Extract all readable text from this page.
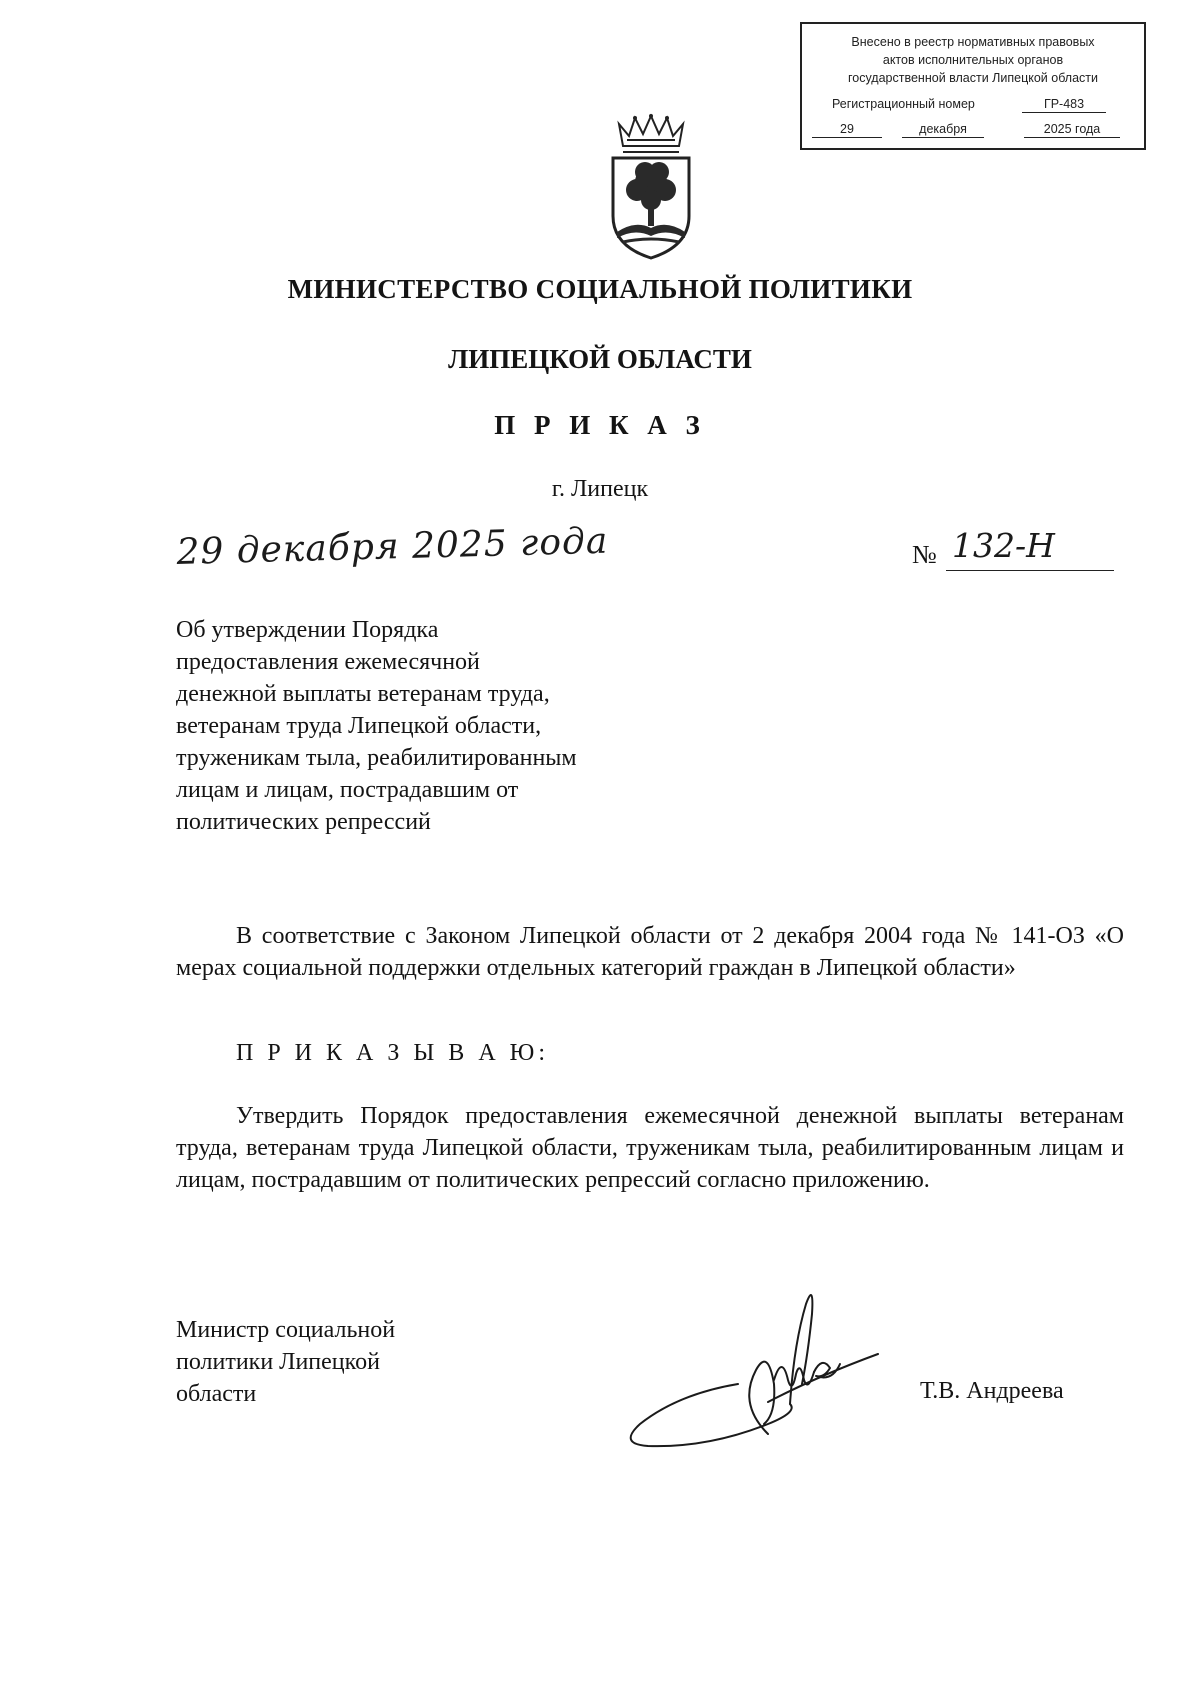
Внесено в реестр нормативных правовых
актов исполнительных органов
государственной власти Липецкой области
Регистрационный номер	ГР-483
29	декабря	2025 года
МИНИСТЕРСТВО СОЦИАЛЬНОЙ ПОЛИТИКИ
ЛИПЕЦКОЙ ОБЛАСТИ
П Р И К А З
г. Липецк
29 декабря 2025 года	№ 132-Н
Об утверждении Порядка
предоставления ежемесячной
денежной выплаты ветеранам труда,
ветеранам труда Липецкой области,
труженикам тыла, реабилитированным
лицам и лицам, пострадавшим от
политических репрессий
В соответствие с Законом Липецкой области от 2 декабря 2004 года № 141-ОЗ «О мерах социальной поддержки отдельных категорий граждан в Липецкой области»
П Р И К А З Ы В А Ю:
Утвердить Порядок предоставления ежемесячной денежной выплаты ветеранам труда, ветеранам труда Липецкой области, труженикам тыла, реабилитированным лицам и лицам, пострадавшим от политических репрессий согласно приложению.
Министр социальной
политики Липецкой
области	Т.В. Андреева
